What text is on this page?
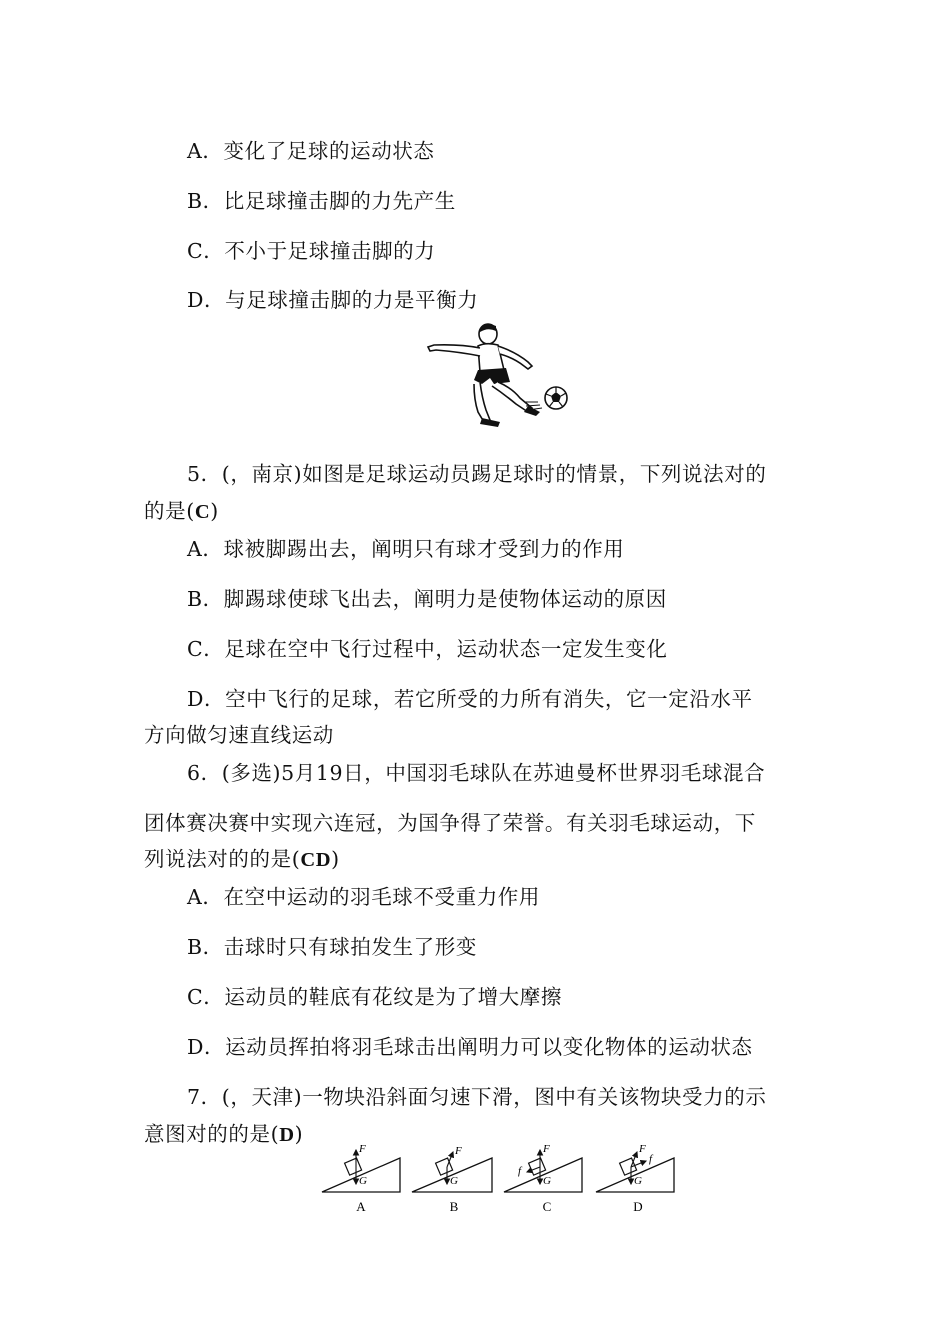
A．变化了足球的运动状态
B．比足球撞击脚的力先产生
C．不小于足球撞击脚的力
D．与足球撞击脚的力是平衡力
5．(，南京)如图是足球运动员踢足球时的情景，下列说法对的
的是(C)
A．球被脚踢出去，阐明只有球才受到力的作用
B．脚踢球使球飞出去，阐明力是使物体运动的原因
C．足球在空中飞行过程中，运动状态一定发生变化
D．空中飞行的足球，若它所受的力所有消失，它一定沿水平
方向做匀速直线运动
6．(多选)5月19日，中国羽毛球队在苏迪曼杯世界羽毛球混合
团体赛决赛中实现六连冠，为国争得了荣誉。有关羽毛球运动，下
列说法对的的是(CD)
A．在空中运动的羽毛球不受重力作用
B．击球时只有球拍发生了形变
C．运动员的鞋底有花纹是为了增大摩擦
D．运动员挥拍将羽毛球击出阐明力可以变化物体的运动状态
7．(，天津)一物块沿斜面匀速下滑，图中有关该物块受力的示
意图对的的是(D)
F
G
A
F
G
B
f
F
G
C
F
f
G
D
